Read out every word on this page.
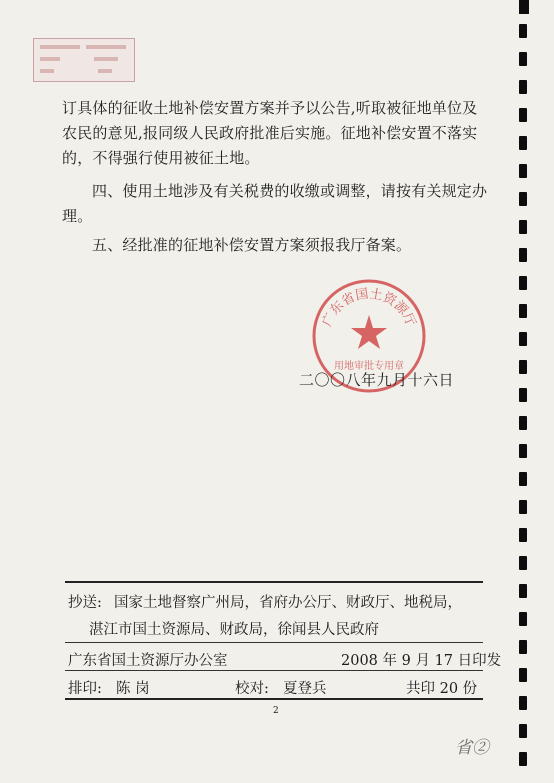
订具体的征收土地补偿安置方案并予以公告,听取被征地单位及农民的意见,报同级人民政府批准后实施。征地补偿安置不落实的，不得强行使用被征土地。
四、使用土地涉及有关税费的收缴或调整，请按有关规定办理。
五、经批准的征地补偿安置方案须报我厅备案。
广东省国土资源厅
用地审批专用章
二〇〇八年九月十六日
抄送: 国家土地督察广州局，省府办公厅、财政厅、地税局，
湛江市国土资源局、财政局，徐闻县人民政府
广东省国土资源厅办公室	2008 年 9 月 17 日印发
排印: 陈 岗	校对: 夏登兵	共印 20 份
2
省②
